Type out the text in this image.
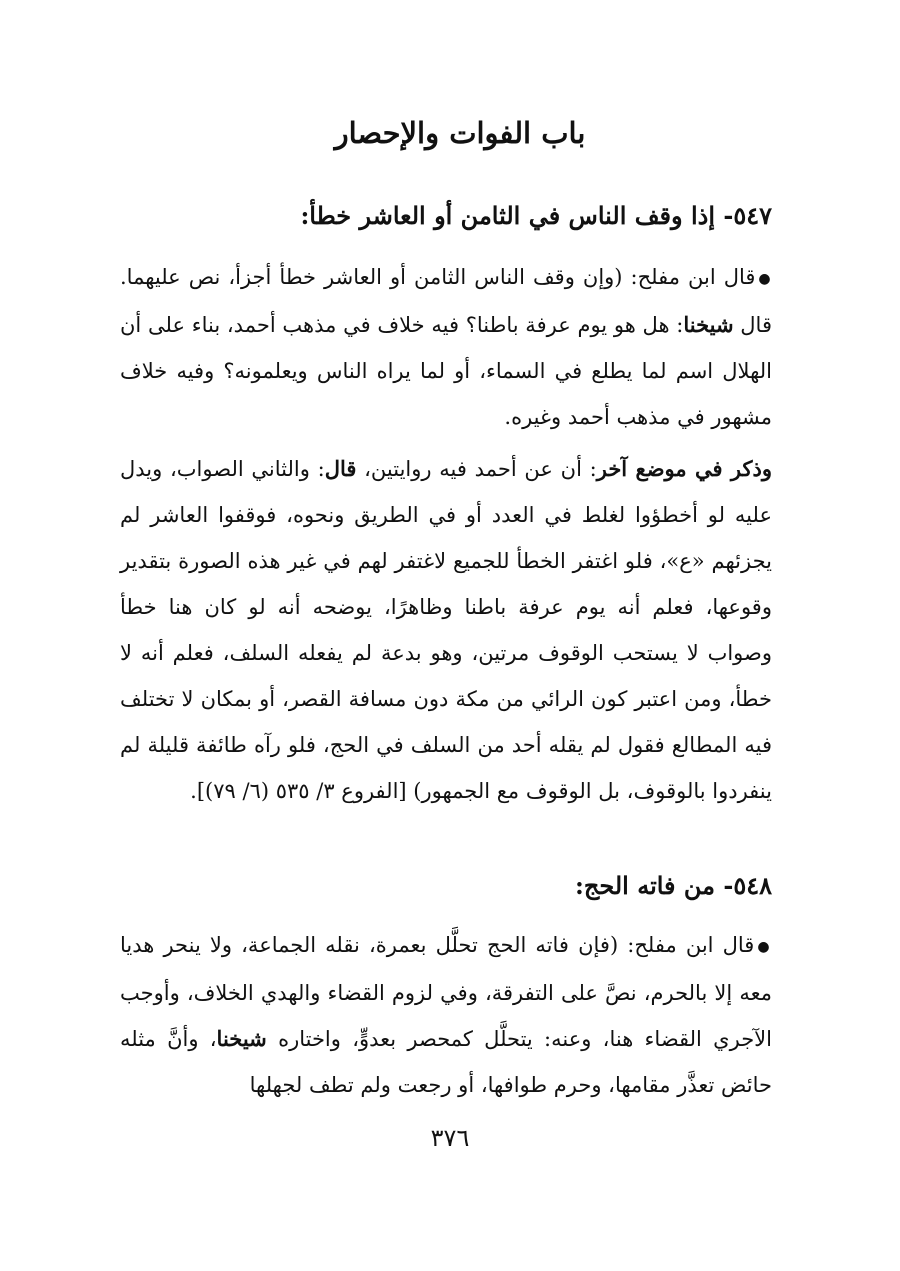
باب الفوات والإحصار
٥٤٧- إذا وقف الناس في الثامن أو العاشر خطأ:

●قال ابن مفلح: (وإن وقف الناس الثامن أو العاشر خطأ أجزأ، نص عليهما. قال شيخنا: هل هو يوم عرفة باطنا؟ فيه خلاف في مذهب أحمد، بناء على أن الهلال اسم لما يطلع في السماء، أو لما يراه الناس ويعلمونه؟ وفيه خلاف مشهور في مذهب أحمد وغيره.

وذكر في موضع آخر: أن عن أحمد فيه روايتين، قال: والثاني الصواب، ويدل عليه لو أخطؤوا لغلط في العدد أو في الطريق ونحوه، فوقفوا العاشر لم يجزئهم «ع»، فلو اغتفر الخطأ للجميع لاغتفر لهم في غير هذه الصورة بتقدير وقوعها، فعلم أنه يوم عرفة باطنا وظاهرًا، يوضحه أنه لو كان هنا خطأ وصواب لا يستحب الوقوف مرتين، وهو بدعة لم يفعله السلف، فعلم أنه لا خطأ، ومن اعتبر كون الرائي من مكة دون مسافة القصر، أو بمكان لا تختلف فيه المطالع فقول لم يقله أحد من السلف في الحج، فلو رآه طائفة قليلة لم ينفردوا بالوقوف، بل الوقوف مع الجمهور) [الفروع ٣/ ٥٣٥ (٦/ ٧٩)].

٥٤٨- من فاته الحج:

●قال ابن مفلح: (فإن فاته الحج تحلَّل بعمرة، نقله الجماعة، ولا ينحر هديا معه إلا بالحرم، نصَّ على التفرقة، وفي لزوم القضاء والهدي الخلاف، وأوجب الآجري القضاء هنا، وعنه: يتحلَّل كمحصر بعدوٍّ، واختاره شيخنا، وأنَّ مثله حائض تعذَّر مقامها، وحرم طوافها، أو رجعت ولم تطف لجهلها

٣٧٦
